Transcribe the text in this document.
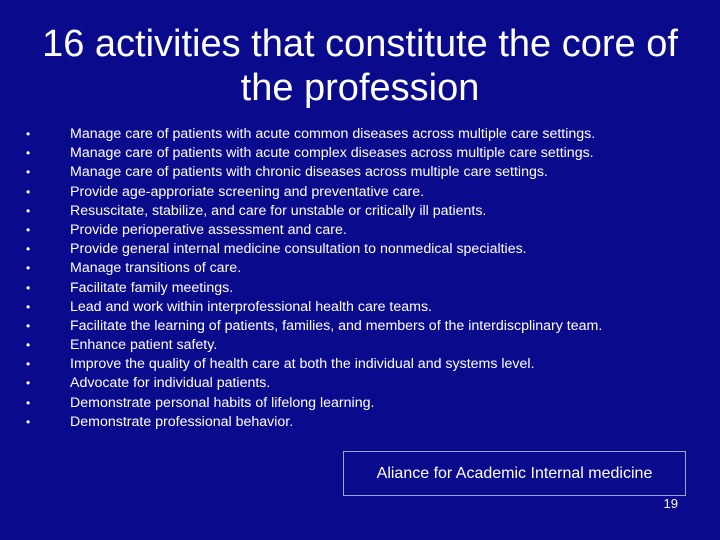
16 activities that constitute the core of the profession
•	Manage care of patients with acute common diseases across multiple care settings.
•	Manage care of patients with acute complex diseases across multiple care settings.
•	Manage care of patients with chronic diseases across multiple care settings.
•	Provide age-approriate screening and preventative care.
•	Resuscitate, stabilize, and care for unstable or critically ill patients.
•	Provide perioperative assessment and care.
•	Provide general internal medicine consultation to nonmedical specialties.
•	Manage transitions of care.
•	Facilitate family meetings.
•	Lead and work within interprofessional health care teams.
•	Facilitate the learning of patients, families, and members of the interdiscplinary team.
•	Enhance patient safety.
•	Improve the quality of health care at both the individual and systems level.
•	Advocate for individual patients.
•	Demonstrate personal habits of lifelong learning.
•	Demonstrate professional behavior.
Aliance for Academic Internal medicine
19
